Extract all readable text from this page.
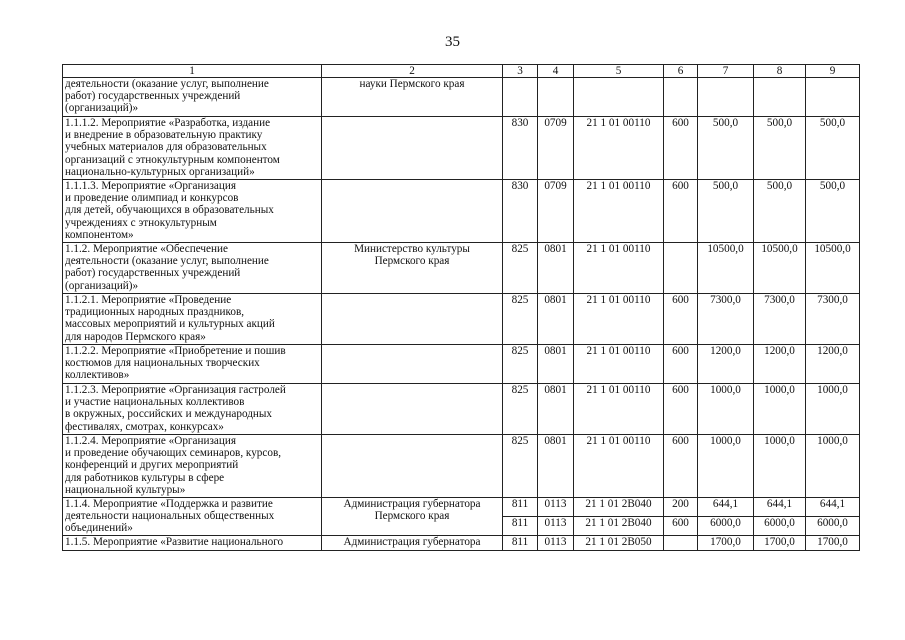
35
1	2	3	4	5	6	7	8	9

деятельности (оказание услуг, выполнение
работ) государственных учреждений
(организаций)»	науки Пермского края							

1.1.1.2. Мероприятие «Разработка, издание
и внедрение в образовательную практику
учебных материалов для образовательных
организаций с этнокультурным компонентом
национально-культурных организаций»		830	0709	21 1 01 00110	600	500,0	500,0	500,0

1.1.1.3. Мероприятие «Организация
и проведение олимпиад и конкурсов
для детей, обучающихся в образовательных
учреждениях с этнокультурным
компонентом»		830	0709	21 1 01 00110	600	500,0	500,0	500,0

1.1.2. Мероприятие «Обеспечение
деятельности (оказание услуг, выполнение
работ) государственных учреждений
(организаций)»	Министерство культуры
Пермского края	825	0801	21 1 01 00110		10500,0	10500,0	10500,0

1.1.2.1. Мероприятие «Проведение
традиционных народных праздников,
массовых мероприятий и культурных акций
для народов Пермского края»		825	0801	21 1 01 00110	600	7300,0	7300,0	7300,0

1.1.2.2. Мероприятие «Приобретение и пошив
костюмов для национальных творческих
коллективов»		825	0801	21 1 01 00110	600	1200,0	1200,0	1200,0

1.1.2.3. Мероприятие «Организация гастролей
и участие национальных коллективов
в окружных, российских и международных
фестивалях, смотрах, конкурсах»		825	0801	21 1 01 00110	600	1000,0	1000,0	1000,0

1.1.2.4. Мероприятие «Организация
и проведение обучающих семинаров, курсов,
конференций и других мероприятий
для работников культуры в сфере
национальной культуры»		825	0801	21 1 01 00110	600	1000,0	1000,0	1000,0

1.1.4. Мероприятие «Поддержка и развитие
деятельности национальных общественных
объединений»	Администрация губернатора
Пермского края	811	0113	21 1 01 2В040	200	644,1	644,1	644,1
		811	0113	21 1 01 2В040	600	6000,0	6000,0	6000,0

1.1.5. Мероприятие «Развитие национального	Администрация губернатора	811	0113	21 1 01 2В050		1700,0	1700,0	1700,0
